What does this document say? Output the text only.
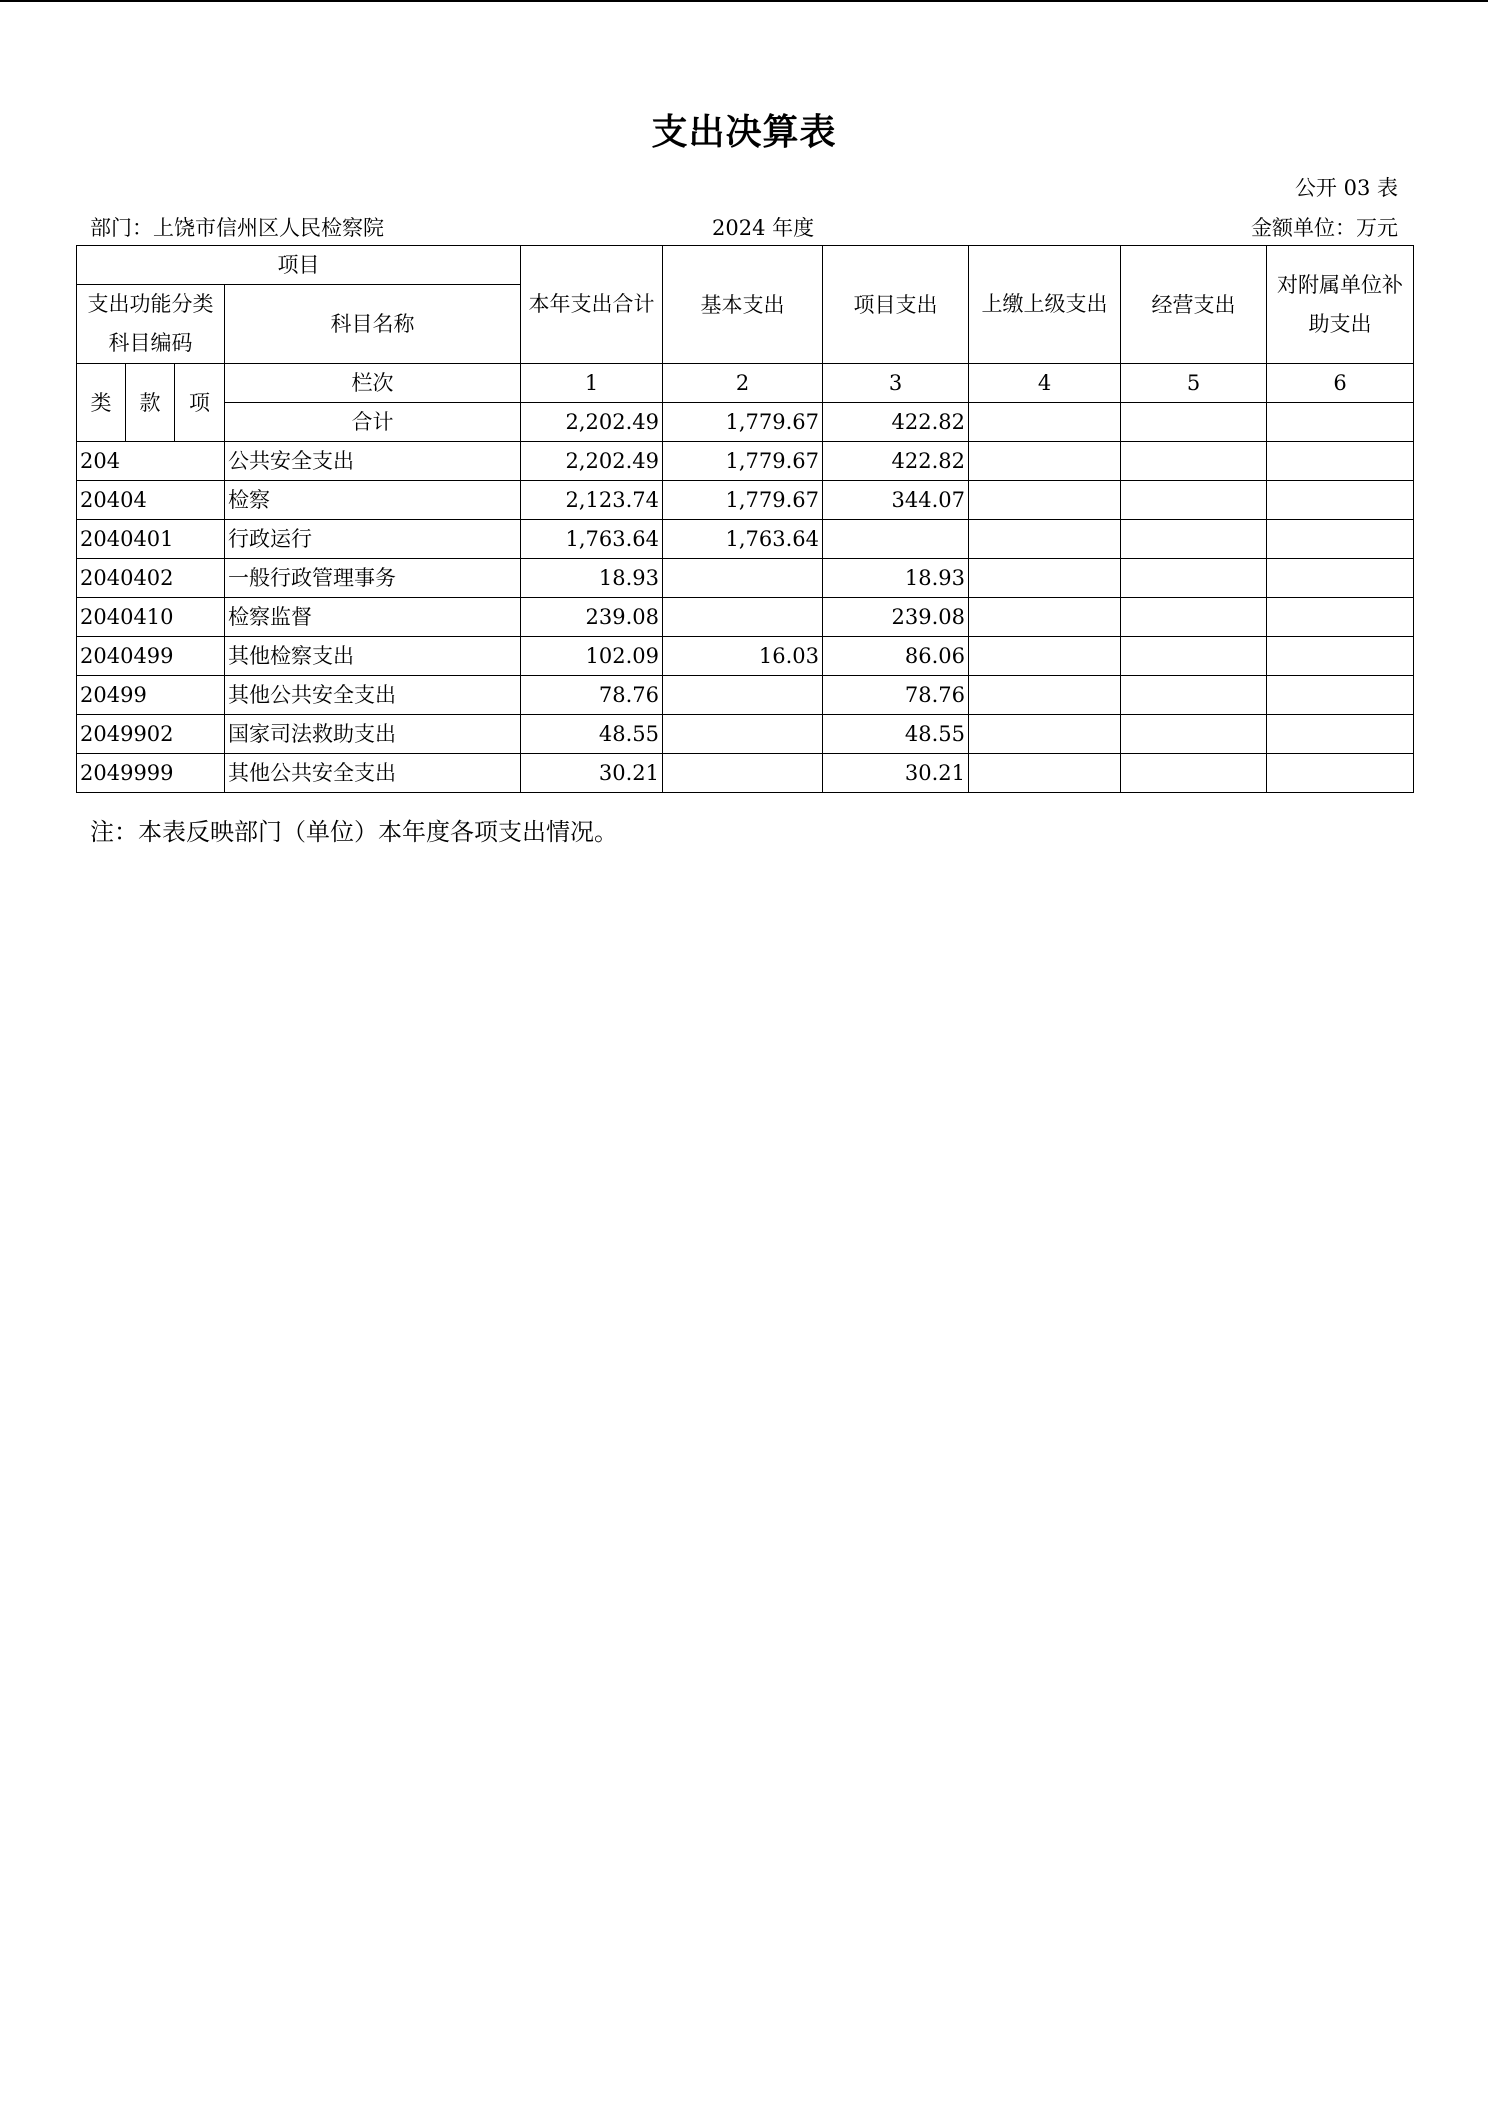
支出决算表
公开 03 表
部门：上饶市信州区人民检察院	2024 年度	金额单位：万元
项目				本年支出合计	基本支出	项目支出	上缴上级支出	经营支出	对附属单位补助支出
支出功能分类科目编码			科目名称						
类	款	项	栏次	1	2	3	4	5	6
			合计	2,202.49	1,779.67	422.82			
204			公共安全支出	2,202.49	1,779.67	422.82			
20404			检察	2,123.74	1,779.67	344.07			
2040401			行政运行	1,763.64	1,763.64				
2040402			一般行政管理事务	18.93		18.93			
2040410			检察监督	239.08		239.08			
2040499			其他检察支出	102.09	16.03	86.06			
20499			其他公共安全支出	78.76		78.76			
2049902			国家司法救助支出	48.55		48.55			
2049999			其他公共安全支出	30.21		30.21			
注：本表反映部门（单位）本年度各项支出情况。
